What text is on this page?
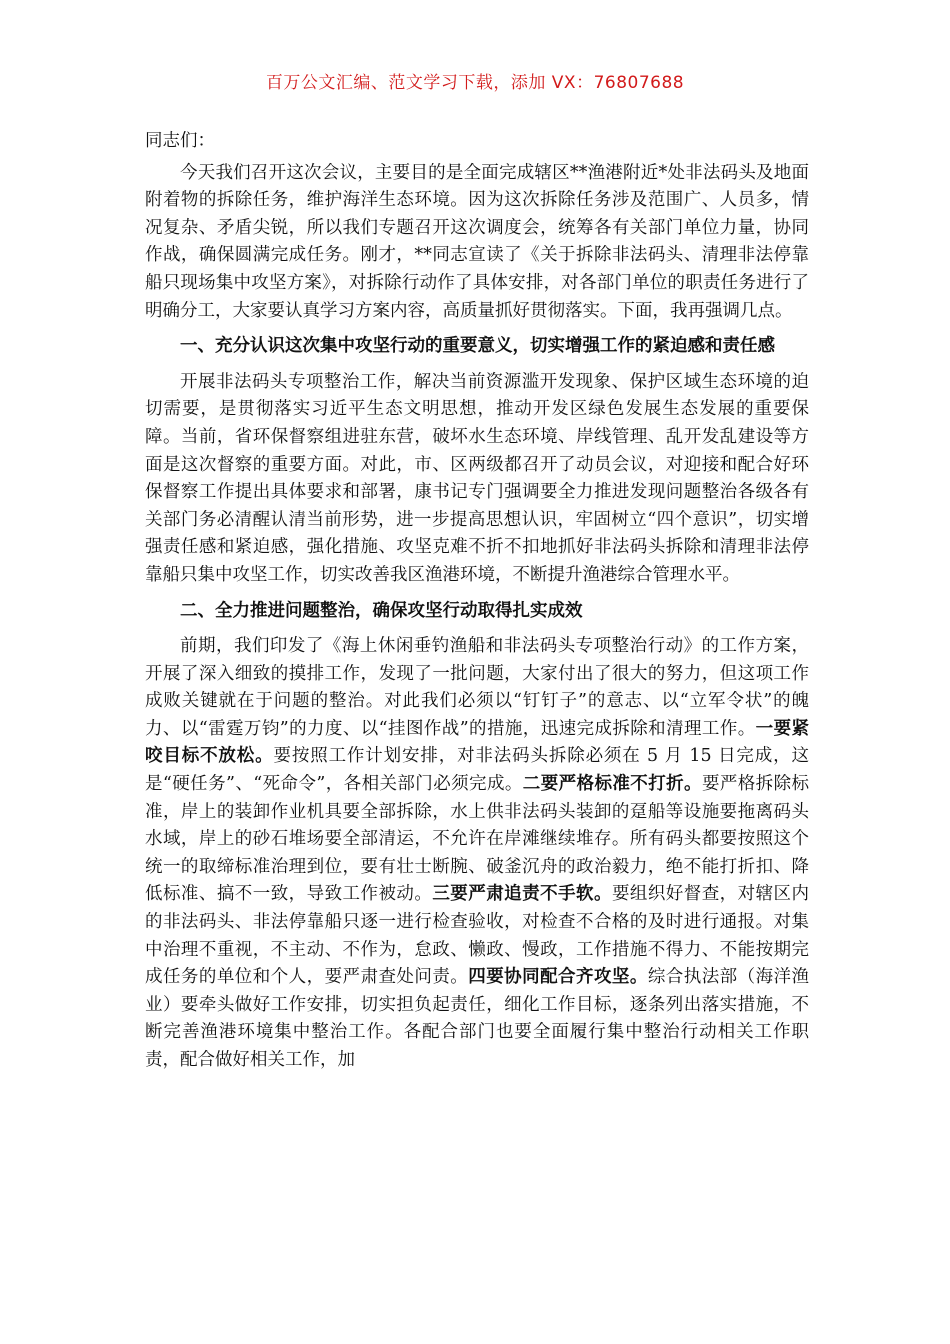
百万公文汇编、范文学习下载，添加 VX：76807688

同志们：

今天我们召开这次会议，主要目的是全面完成辖区**渔港附近*处非法码头及地面附着物的拆除任务，维护海洋生态环境。因为这次拆除任务涉及范围广、人员多，情况复杂、矛盾尖锐，所以我们专题召开这次调度会，统筹各有关部门单位力量，协同作战，确保圆满完成任务。刚才，**同志宣读了《关于拆除非法码头、清理非法停靠船只现场集中攻坚方案》，对拆除行动作了具体安排，对各部门单位的职责任务进行了明确分工，大家要认真学习方案内容，高质量抓好贯彻落实。下面，我再强调几点。

一、充分认识这次集中攻坚行动的重要意义，切实增强工作的紧迫感和责任感

开展非法码头专项整治工作，解决当前资源滥开发现象、保护区域生态环境的迫切需要，是贯彻落实习近平生态文明思想，推动开发区绿色发展生态发展的重要保障。当前，省环保督察组进驻东营，破坏水生态环境、岸线管理、乱开发乱建设等方面是这次督察的重要方面。对此，市、区两级都召开了动员会议，对迎接和配合好环保督察工作提出具体要求和部署，康书记专门强调要全力推进发现问题整治各级各有关部门务必清醒认清当前形势，进一步提高思想认识，牢固树立“四个意识”，切实增强责任感和紧迫感，强化措施、攻坚克难不折不扣地抓好非法码头拆除和清理非法停靠船只集中攻坚工作，切实改善我区渔港环境，不断提升渔港综合管理水平。

二、全力推进问题整治，确保攻坚行动取得扎实成效

前期，我们印发了《海上休闲垂钓渔船和非法码头专项整治行动》的工作方案，开展了深入细致的摸排工作，发现了一批问题，大家付出了很大的努力，但这项工作成败关键就在于问题的整治。对此我们必须以“钉钉子”的意志、以“立军令状”的魄力、以“雷霆万钧”的力度、以“挂图作战”的措施，迅速完成拆除和清理工作。一要紧咬目标不放松。要按照工作计划安排，对非法码头拆除必须在 5 月 15 日完成，这是“硬任务”、“死命令”，各相关部门必须完成。二要严格标准不打折。要严格拆除标准，岸上的装卸作业机具要全部拆除，水上供非法码头装卸的趸船等设施要拖离码头水域，岸上的砂石堆场要全部清运，不允许在岸滩继续堆存。所有码头都要按照这个统一的取缔标准治理到位，要有壮士断腕、破釜沉舟的政治毅力，绝不能打折扣、降低标准、搞不一致，导致工作被动。三要严肃追责不手软。要组织好督查，对辖区内的非法码头、非法停靠船只逐一进行检查验收，对检查不合格的及时进行通报。对集中治理不重视，不主动、不作为，怠政、懒政、慢政，工作措施不得力、不能按期完成任务的单位和个人，要严肃查处问责。四要协同配合齐攻坚。综合执法部（海洋渔业）要牵头做好工作安排，切实担负起责任，细化工作目标，逐条列出落实措施，不断完善渔港环境集中整治工作。各配合部门也要全面履行集中整治行动相关工作职责，配合做好相关工作，加
